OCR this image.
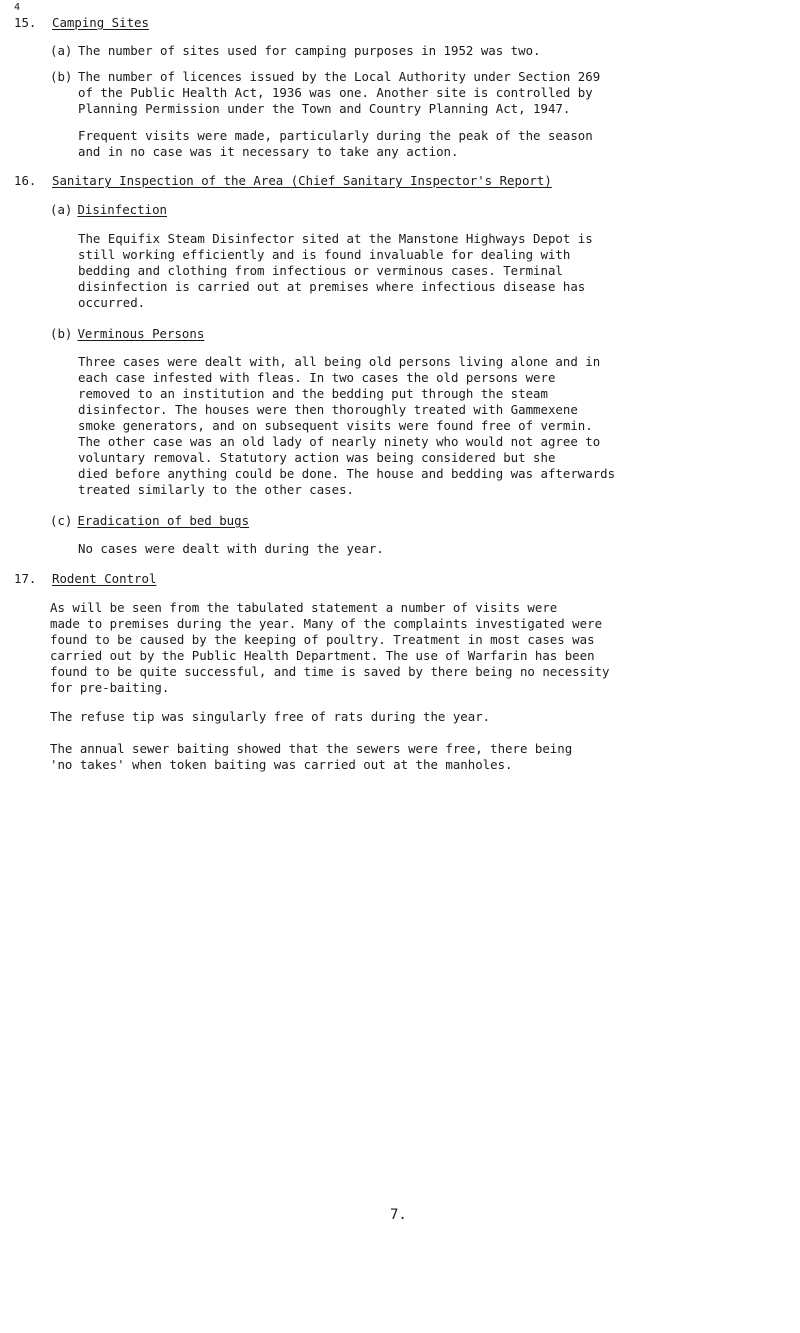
4
15. Camping Sites
(a) The number of sites used for camping purposes in 1952 was two.
(b) The number of licences issued by the Local Authority under Section 269
of the Public Health Act, 1936 was one. Another site is controlled by
Planning Permission under the Town and Country Planning Act, 1947.
Frequent visits were made, particularly during the peak of the season
and in no case was it necessary to take any action.
16. Sanitary Inspection of the Area (Chief Sanitary Inspector's Report)
(a) Disinfection
The Equifix Steam Disinfector sited at the Manstone Highways Depot is
still working efficiently and is found invaluable for dealing with
bedding and clothing from infectious or verminous cases. Terminal
disinfection is carried out at premises where infectious disease has
occurred.
(b) Verminous Persons
Three cases were dealt with, all being old persons living alone and in
each case infested with fleas. In two cases the old persons were
removed to an institution and the bedding put through the steam
disinfector. The houses were then thoroughly treated with Gammexene
smoke generators, and on subsequent visits were found free of vermin.
The other case was an old lady of nearly ninety who would not agree to
voluntary removal. Statutory action was being considered but she
died before anything could be done. The house and bedding was afterwards
treated similarly to the other cases.
(c) Eradication of bed bugs
No cases were dealt with during the year.
17. Rodent Control
As will be seen from the tabulated statement a number of visits were
made to premises during the year. Many of the complaints investigated were
found to be caused by the keeping of poultry. Treatment in most cases was
carried out by the Public Health Department. The use of Warfarin has been
found to be quite successful, and time is saved by there being no necessity
for pre-baiting.
The refuse tip was singularly free of rats during the year.
The annual sewer baiting showed that the sewers were free, there being
'no takes' when token baiting was carried out at the manholes.
7.
